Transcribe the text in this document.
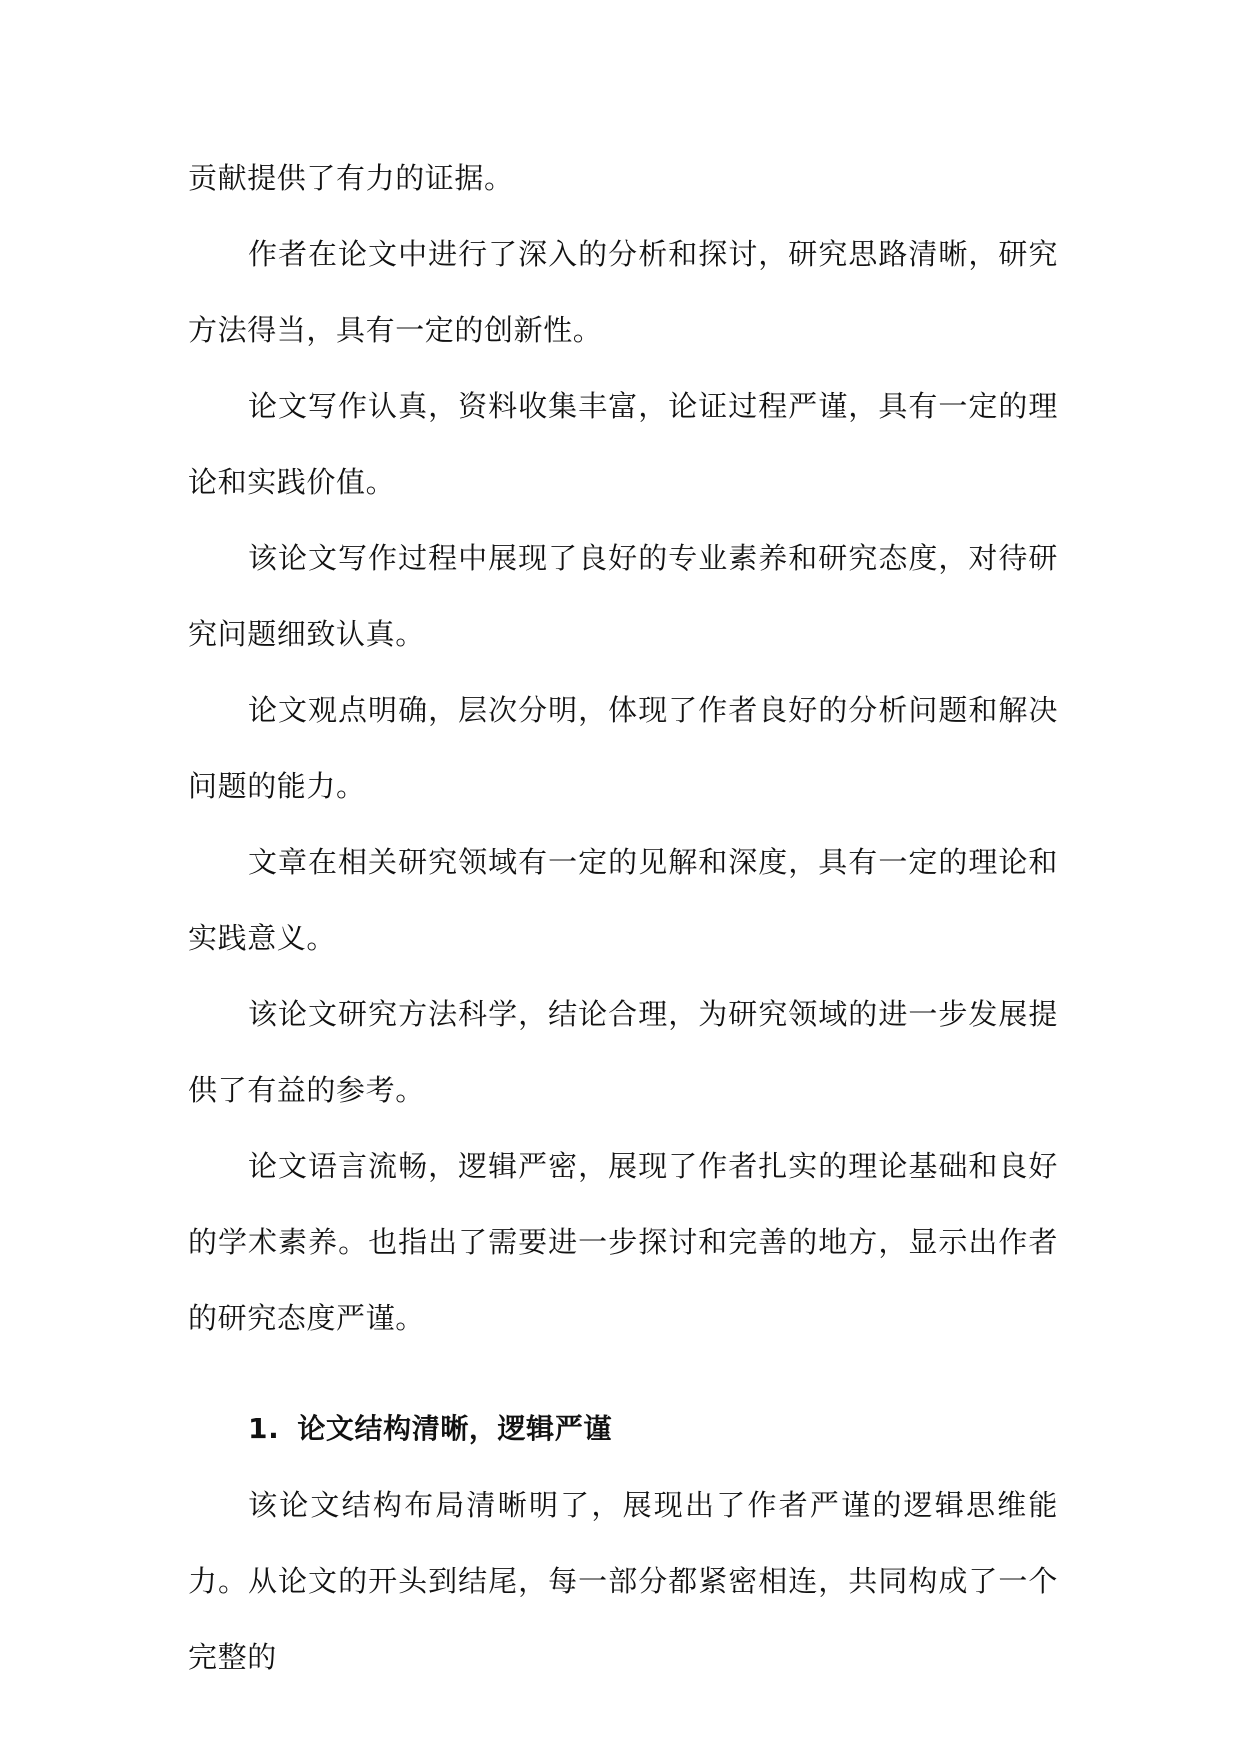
贡献提供了有力的证据。

作者在论文中进行了深入的分析和探讨，研究思路清晰，研究方法得当，具有一定的创新性。

论文写作认真，资料收集丰富，论证过程严谨，具有一定的理论和实践价值。

该论文写作过程中展现了良好的专业素养和研究态度，对待研究问题细致认真。

论文观点明确，层次分明，体现了作者良好的分析问题和解决问题的能力。

文章在相关研究领域有一定的见解和深度，具有一定的理论和实践意义。

该论文研究方法科学，结论合理，为研究领域的进一步发展提供了有益的参考。

论文语言流畅，逻辑严密，展现了作者扎实的理论基础和良好的学术素养。也指出了需要进一步探讨和完善的地方，显示出作者的研究态度严谨。

1. 论文结构清晰，逻辑严谨

该论文结构布局清晰明了，展现出了作者严谨的逻辑思维能力。从论文的开头到结尾，每一部分都紧密相连，共同构成了一个完整的
